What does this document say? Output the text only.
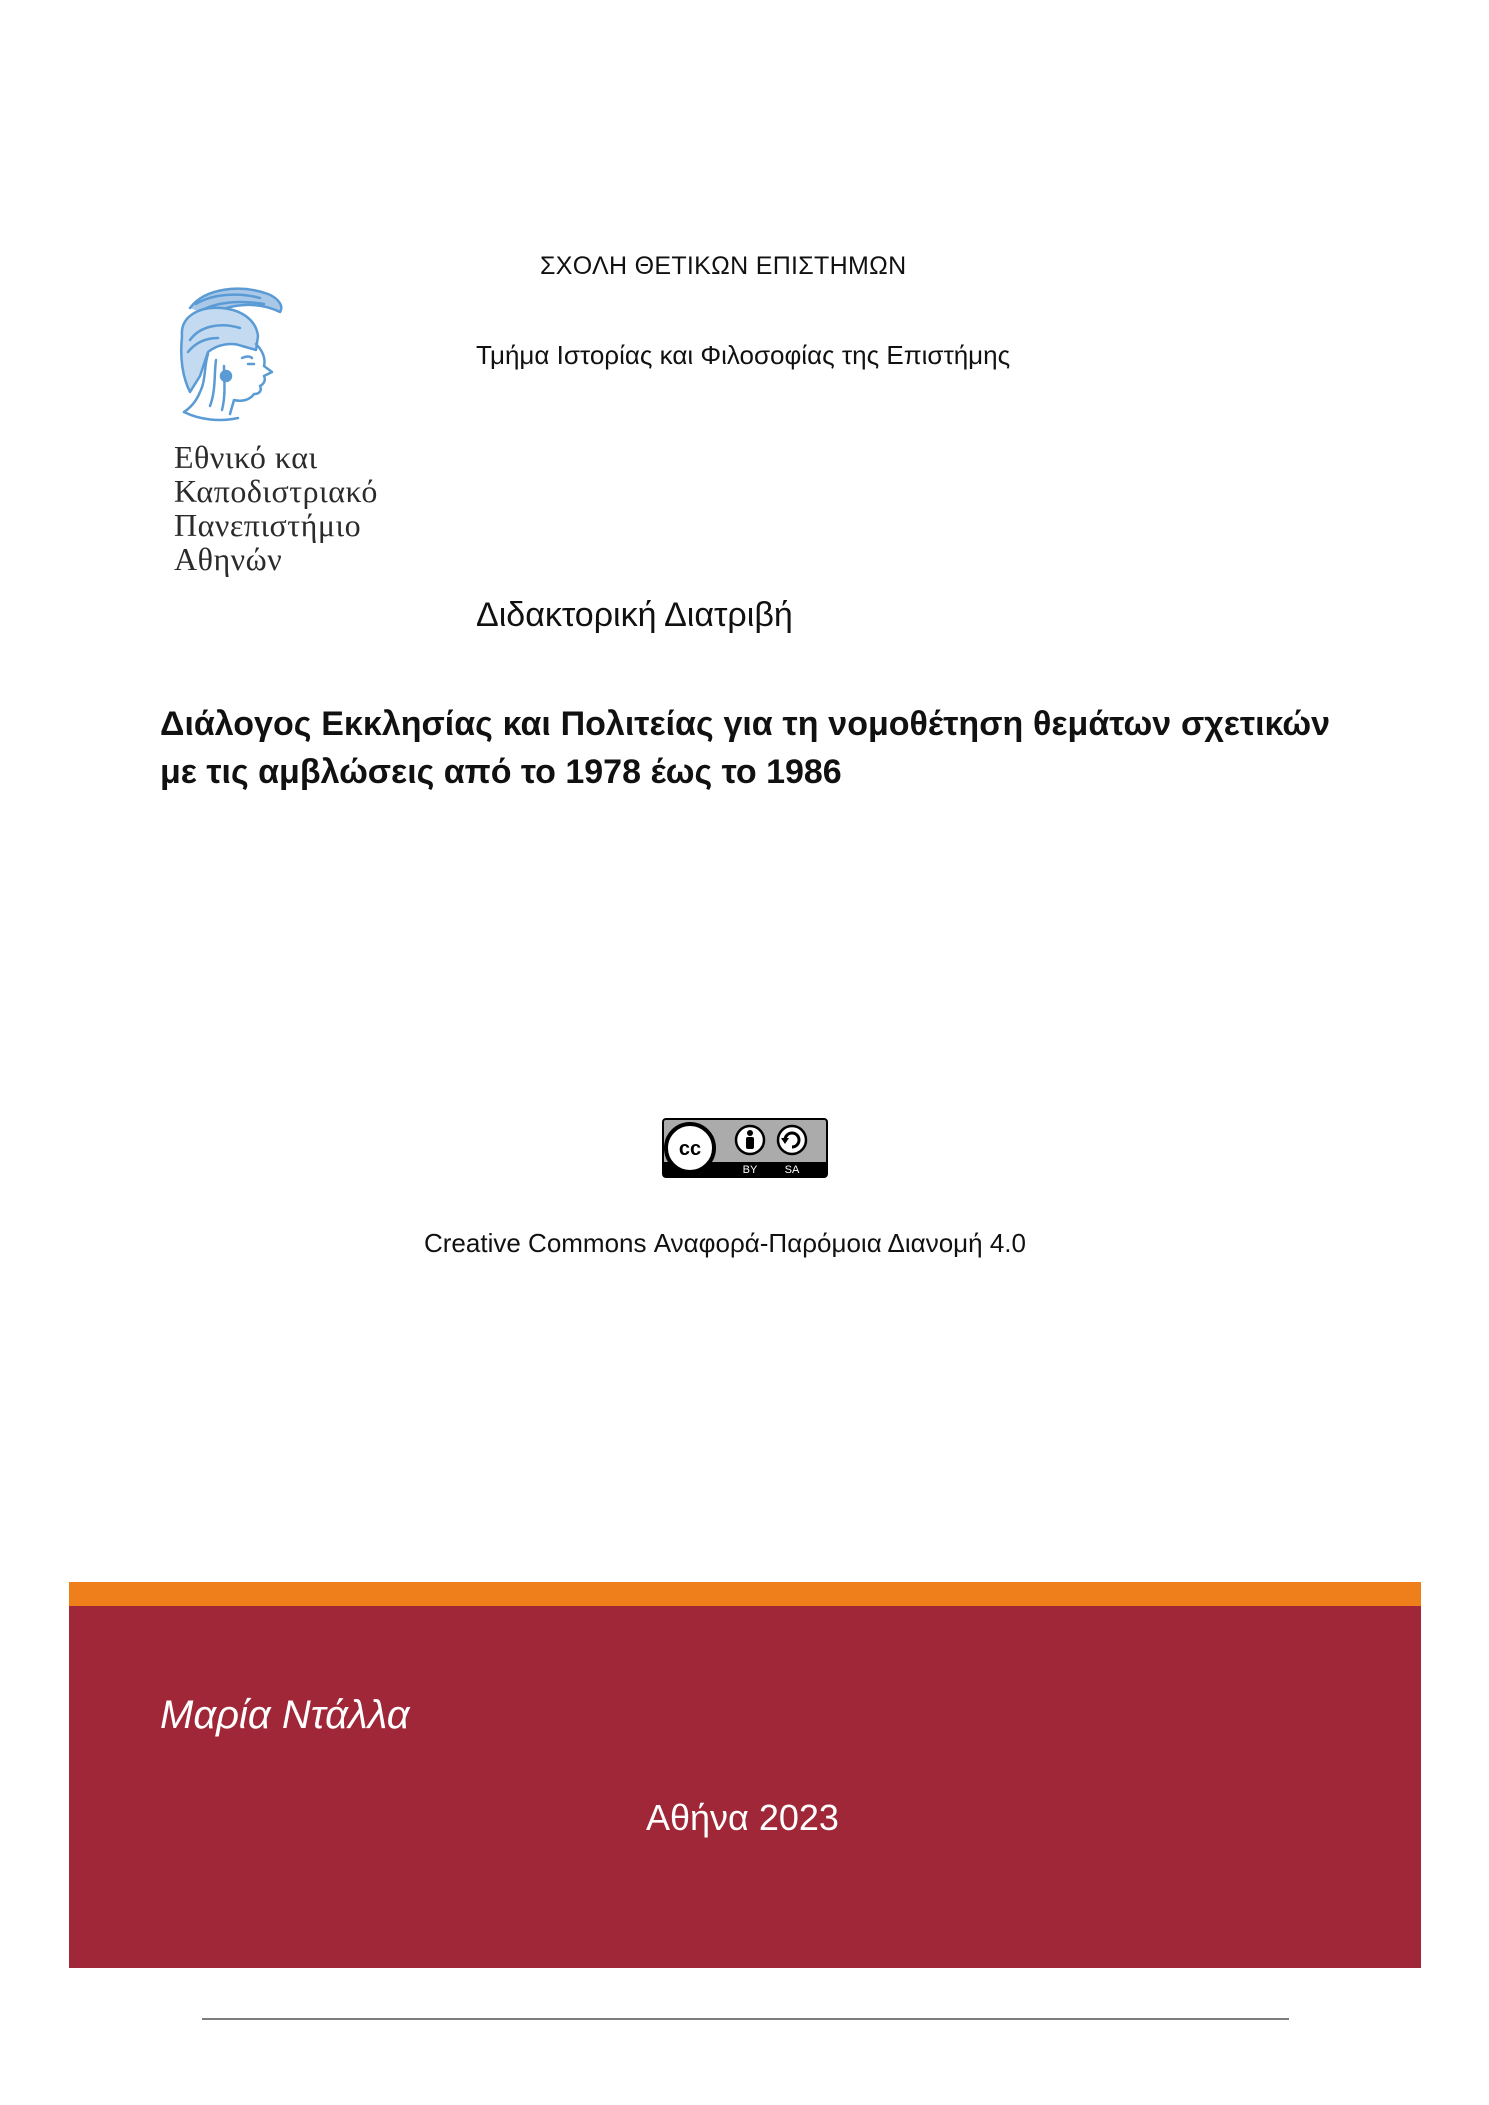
ΣΧΟΛΗ ΘΕΤΙΚΩΝ ΕΠΙΣΤΗΜΩΝ
Τμήμα Ιστορίας και Φιλοσοφίας της Επιστήμης
Εθνικό και
Καποδιστριακό
Πανεπιστήμιο
Αθηνών
Διδακτορική Διατριβή
Διάλογος Εκκλησίας και Πολιτείας για τη νομοθέτηση θεμάτων σχετικών με τις αμβλώσεις από το 1978 έως το 1986
cc
BY SA
Creative Commons Αναφορά-Παρόμοια Διανομή 4.0
Μαρία Ντάλλα
Αθήνα 2023
